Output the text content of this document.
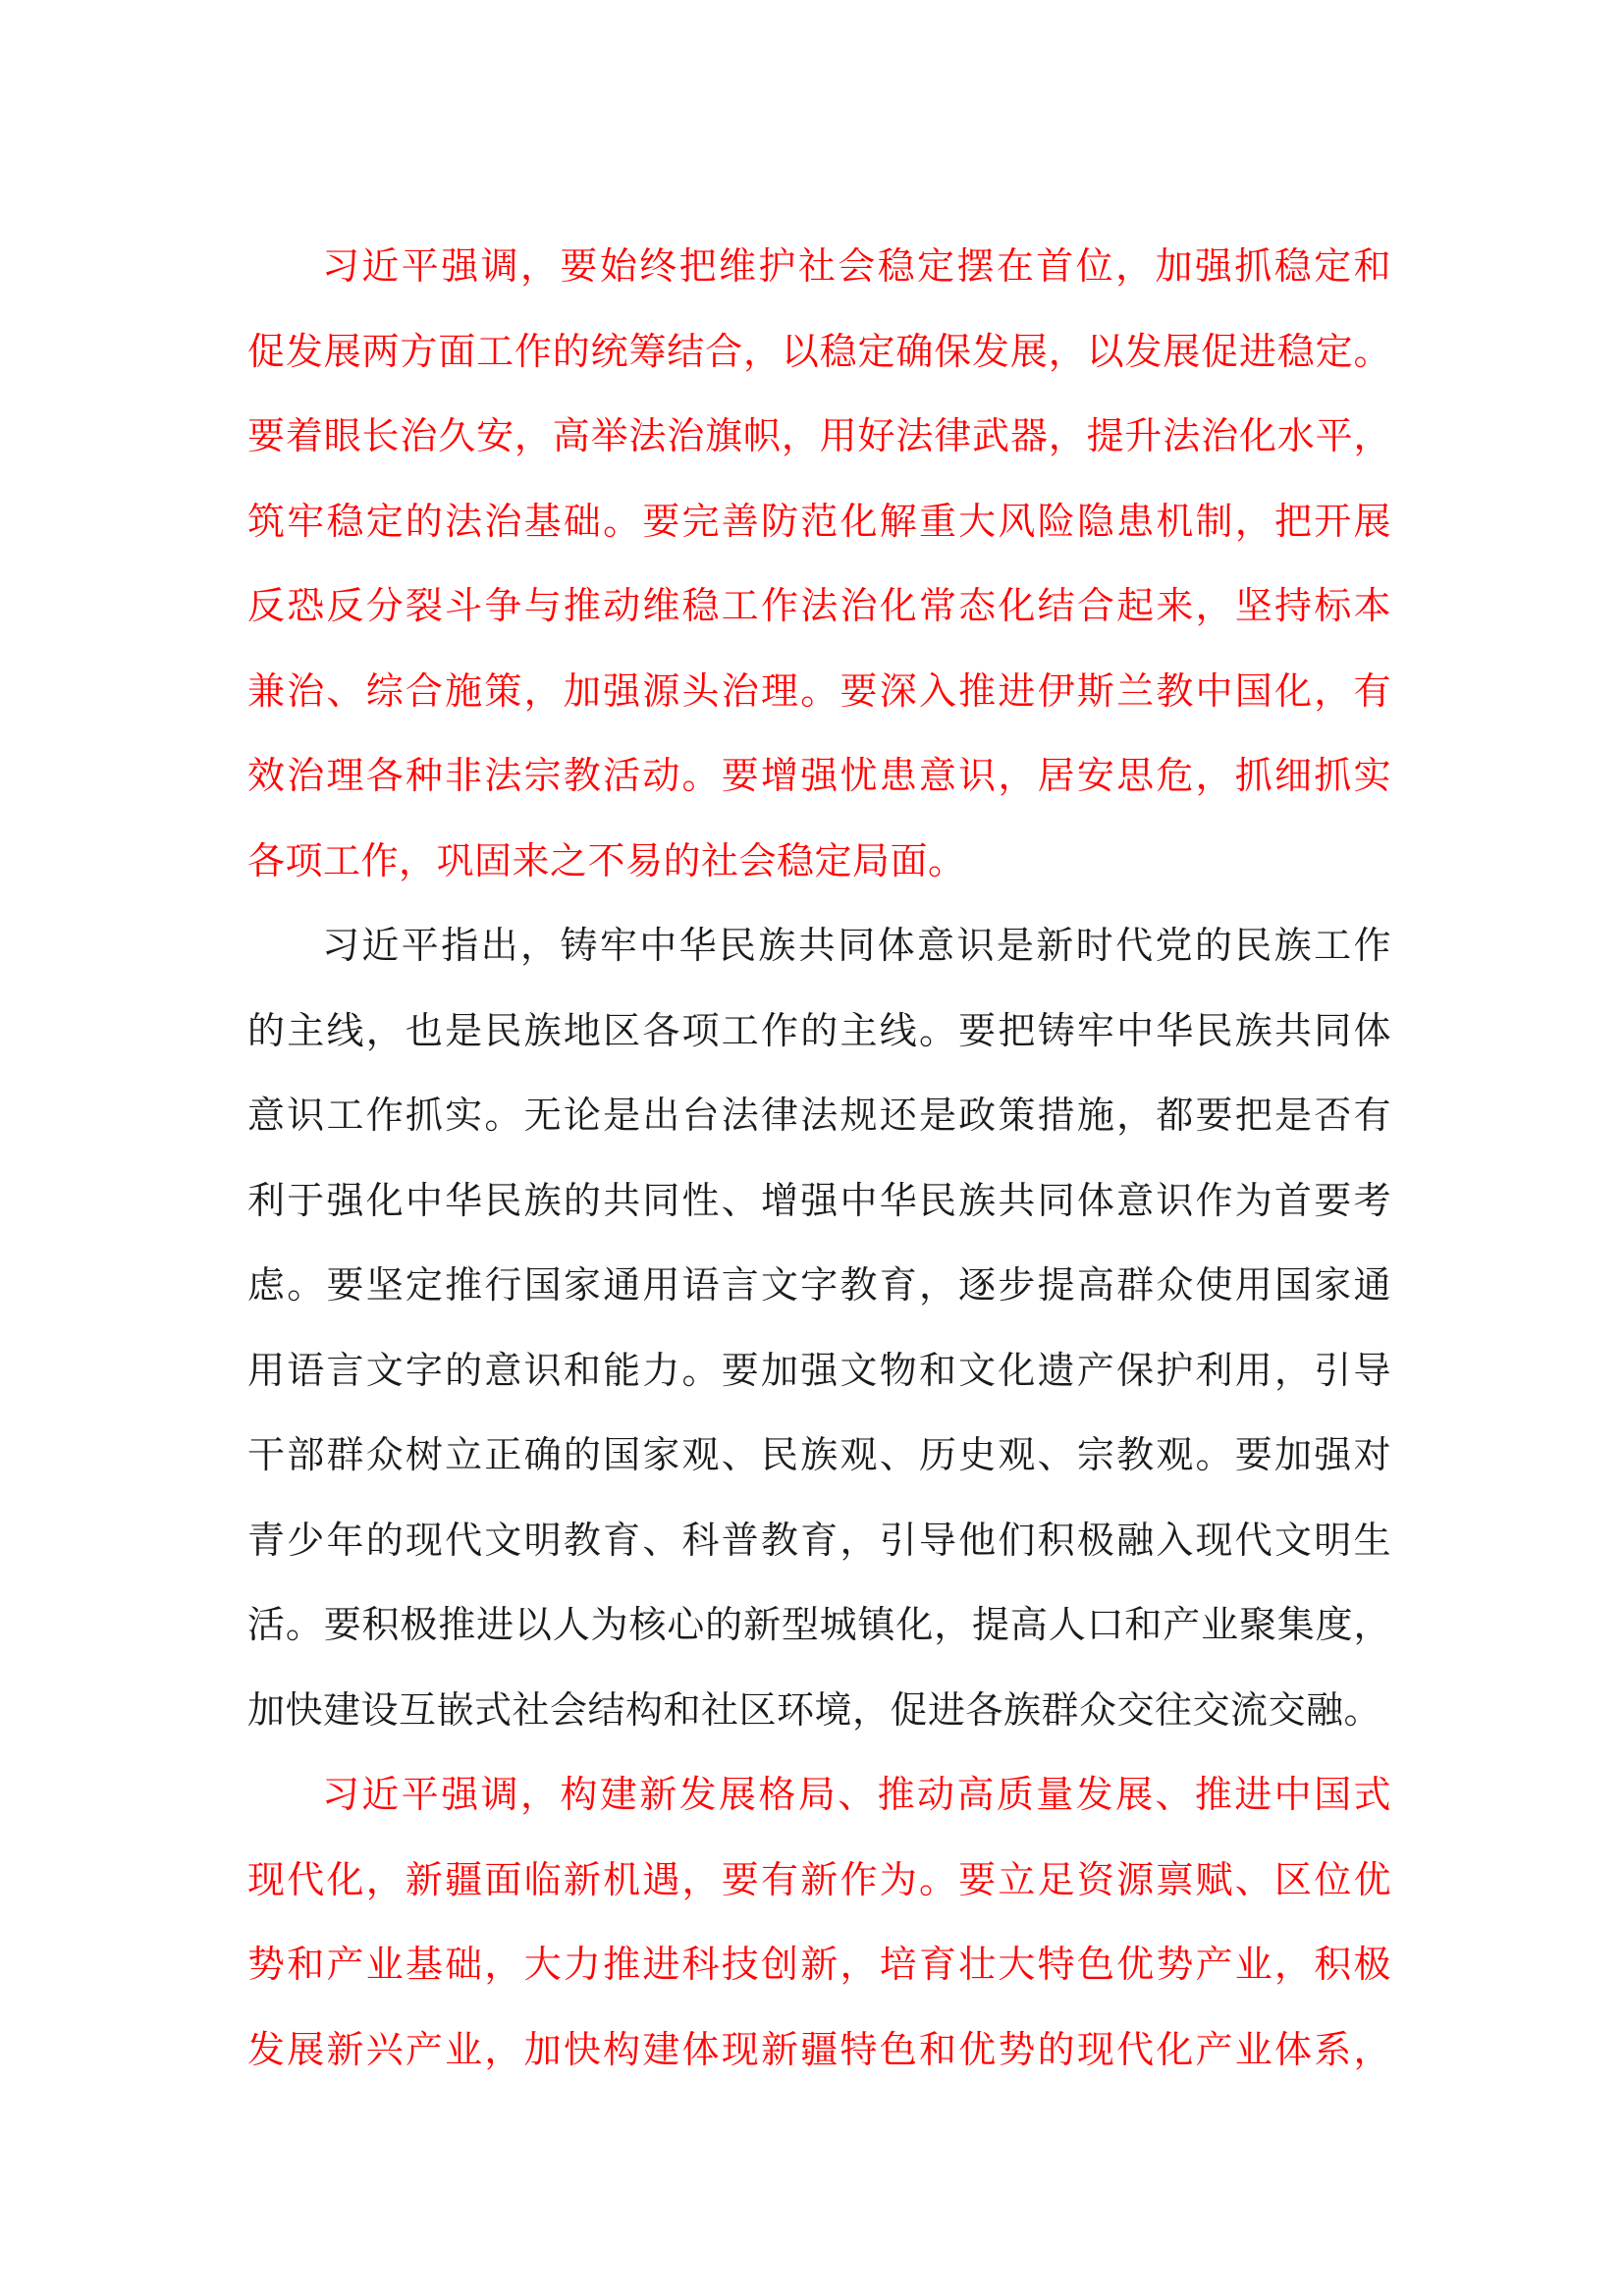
习近平强调，要始终把维护社会稳定摆在首位，加强抓稳定和
促发展两方面工作的统筹结合，以稳定确保发展，以发展促进稳定。
要着眼长治久安，高举法治旗帜，用好法律武器，提升法治化水平，
筑牢稳定的法治基础。要完善防范化解重大风险隐患机制，把开展
反恐反分裂斗争与推动维稳工作法治化常态化结合起来，坚持标本
兼治、综合施策，加强源头治理。要深入推进伊斯兰教中国化，有
效治理各种非法宗教活动。要增强忧患意识，居安思危，抓细抓实
各项工作，巩固来之不易的社会稳定局面。

习近平指出，铸牢中华民族共同体意识是新时代党的民族工作
的主线，也是民族地区各项工作的主线。要把铸牢中华民族共同体
意识工作抓实。无论是出台法律法规还是政策措施，都要把是否有
利于强化中华民族的共同性、增强中华民族共同体意识作为首要考
虑。要坚定推行国家通用语言文字教育，逐步提高群众使用国家通
用语言文字的意识和能力。要加强文物和文化遗产保护利用，引导
干部群众树立正确的国家观、民族观、历史观、宗教观。要加强对
青少年的现代文明教育、科普教育，引导他们积极融入现代文明生
活。要积极推进以人为核心的新型城镇化，提高人口和产业聚集度，
加快建设互嵌式社会结构和社区环境，促进各族群众交往交流交融。

习近平强调，构建新发展格局、推动高质量发展、推进中国式
现代化，新疆面临新机遇，要有新作为。要立足资源禀赋、区位优
势和产业基础，大力推进科技创新，培育壮大特色优势产业，积极
发展新兴产业，加快构建体现新疆特色和优势的现代化产业体系，
